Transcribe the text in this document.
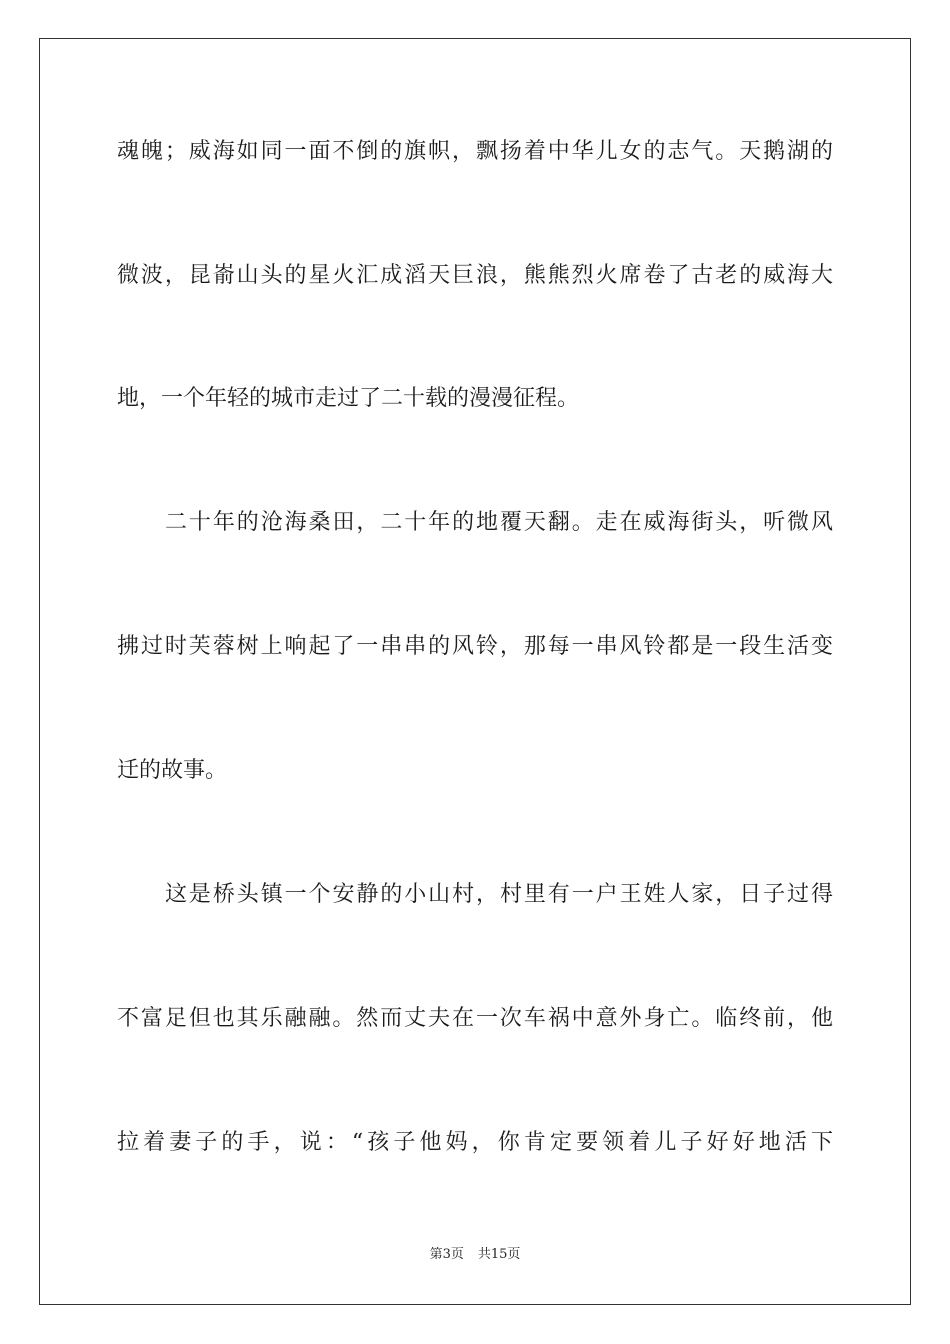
魂魄；威海如同一面不倒的旗帜，飘扬着中华儿女的志气。天鹅湖的
微波，昆嵛山头的星火汇成滔天巨浪，熊熊烈火席卷了古老的威海大
地，一个年轻的城市走过了二十载的漫漫征程。
二十年的沧海桑田，二十年的地覆天翻。走在威海街头，听微风
拂过时芙蓉树上响起了一串串的风铃，那每一串风铃都是一段生活变
迁的故事。
这是桥头镇一个安静的小山村，村里有一户王姓人家，日子过得
不富足但也其乐融融。然而丈夫在一次车祸中意外身亡。临终前，他
拉着妻子的手，说：“孩子他妈，你肯定要领着儿子好好地活下
第3页 共15页
